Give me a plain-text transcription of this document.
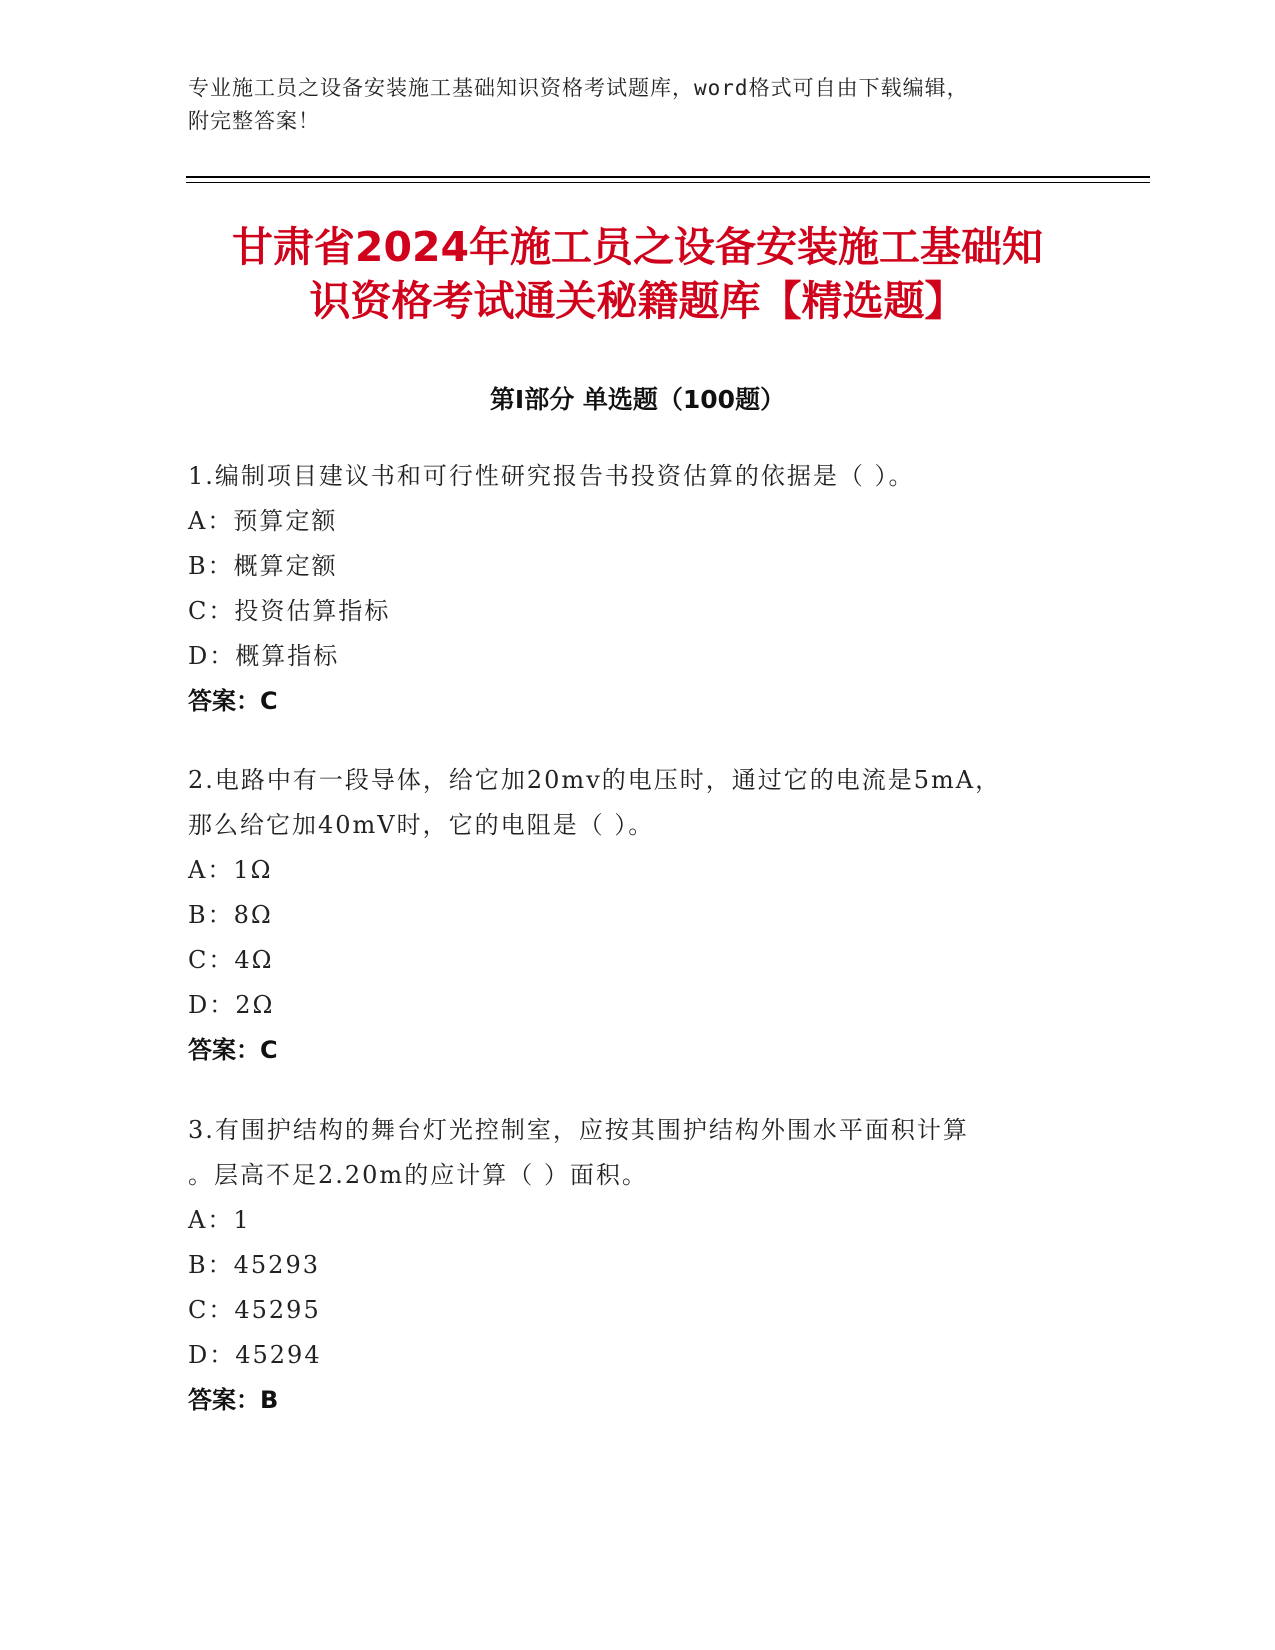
专业施工员之设备安装施工基础知识资格考试题库，word格式可自由下载编辑，
附完整答案！
甘肃省2024年施工员之设备安装施工基础知
识资格考试通关秘籍题库【精选题】
第Ⅰ部分 单选题（100题）
1.编制项目建议书和可行性研究报告书投资估算的依据是（ ）。
A：预算定额
B：概算定额
C：投资估算指标
D：概算指标
答案：C
2.电路中有一段导体，给它加20mv的电压时，通过它的电流是5mA，
那么给它加40mV时，它的电阻是（ ）。
A：1Ω
B：8Ω
C：4Ω
D：2Ω
答案：C
3.有围护结构的舞台灯光控制室，应按其围护结构外围水平面积计算
。层高不足2.20m的应计算（ ）面积。
A：1
B：45293
C：45295
D：45294
答案：B
